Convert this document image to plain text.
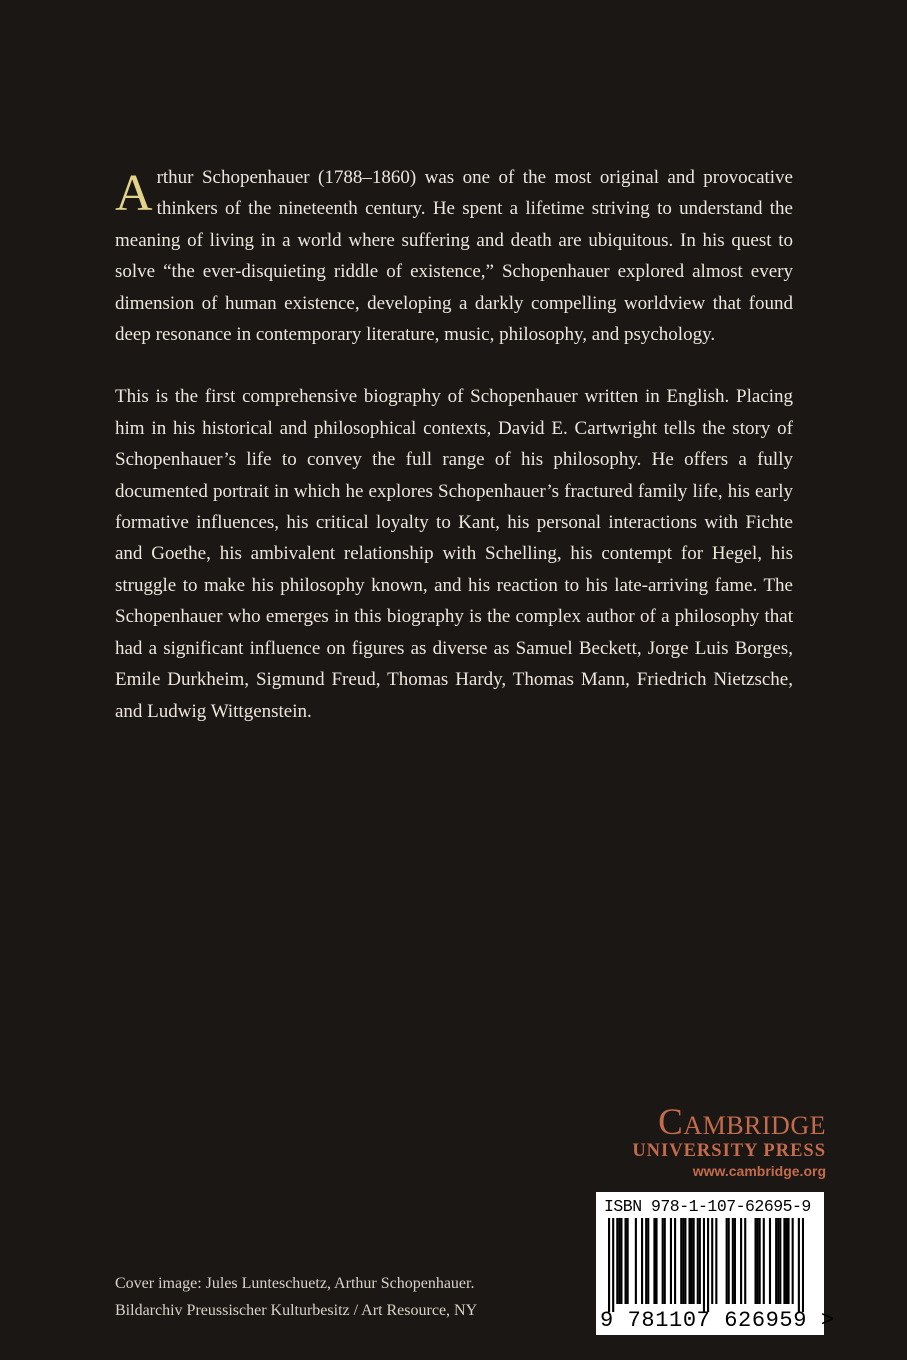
Arthur Schopenhauer (1788–1860) was one of the most original and provocative thinkers of the nineteenth century. He spent a lifetime striving to understand the meaning of living in a world where suffering and death are ubiquitous. In his quest to solve “the ever-disquieting riddle of existence,” Schopenhauer explored almost every dimension of human existence, developing a darkly compelling worldview that found deep resonance in contemporary literature, music, philosophy, and psychology.

This is the first comprehensive biography of Schopenhauer written in English. Placing him in his historical and philosophical contexts, David E. Cartwright tells the story of Schopenhauer’s life to convey the full range of his philosophy. He offers a fully documented portrait in which he explores Schopenhauer’s fractured family life, his early formative influences, his critical loyalty to Kant, his personal interactions with Fichte and Goethe, his ambivalent relationship with Schelling, his contempt for Hegel, his struggle to make his philosophy known, and his reaction to his late-arriving fame. The Schopenhauer who emerges in this biography is the complex author of a philosophy that had a significant influence on figures as diverse as Samuel Beckett, Jorge Luis Borges, Emile Durkheim, Sigmund Freud, Thomas Hardy, Thomas Mann, Friedrich Nietzsche, and Ludwig Wittgenstein.

Cambridge
UNIVERSITY PRESS
www.cambridge.org
ISBN 978-1-107-62695-9
9 781107 626959 >
Cover image: Jules Lunteschuetz, Arthur Schopenhauer.
Bildarchiv Preussischer Kulturbesitz / Art Resource, NY
